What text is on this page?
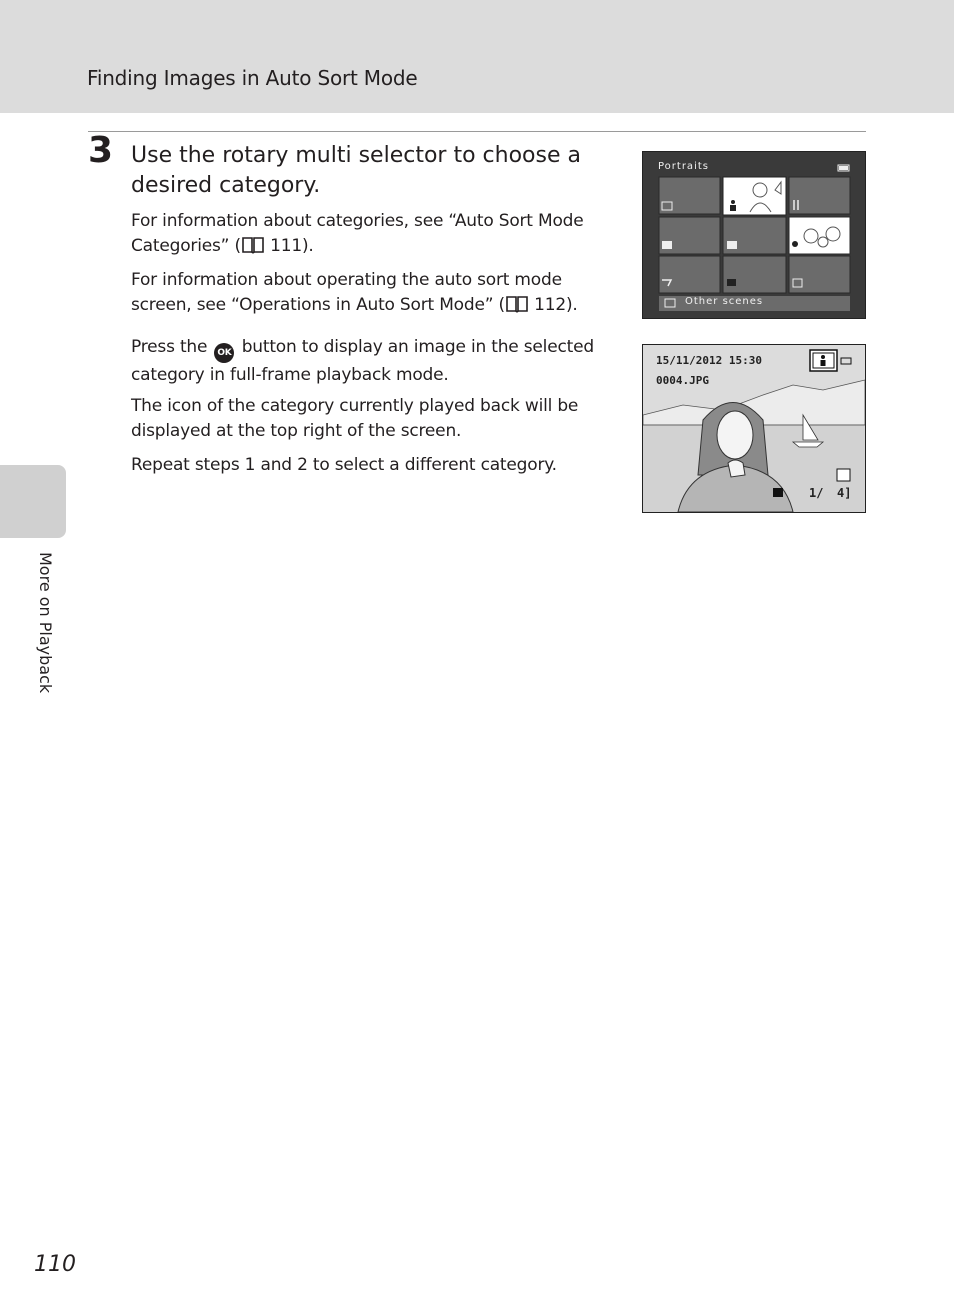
Finding Images in Auto Sort Mode
3 Use the rotary multi selector to choose a desired category.
For information about categories, see “Auto Sort Mode Categories” ( 111).
For information about operating the auto sort mode screen, see “Operations in Auto Sort Mode” ( 112).
Press the OK button to display an image in the selected category in full-frame playback mode.
The icon of the category currently played back will be displayed at the top right of the screen.
Repeat steps 1 and 2 to select a different category.
Portraits
Other scenes
15/11/2012 15:30
0004.JPG
1/ 4]
More on Playback
110
